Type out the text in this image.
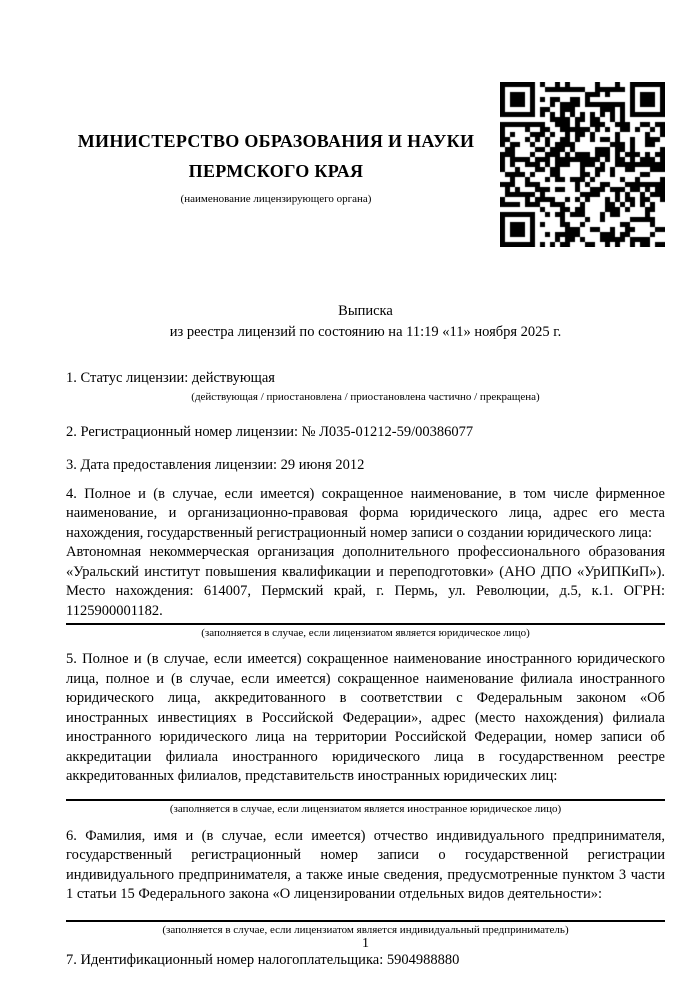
МИНИСТЕРСТВО ОБРАЗОВАНИЯ И НАУКИ
ПЕРМСКОГО КРАЯ
(наименование лицензирующего органа)
Выписка
из реестра лицензий по состоянию на 11:19 «11» ноября 2025 г.
1. Статус лицензии: действующая
(действующая / приостановлена / приостановлена частично / прекращена)
2. Регистрационный номер лицензии: № Л035-01212-59/00386077
3. Дата предоставления лицензии: 29 июня 2012
4. Полное и (в случае, если имеется) сокращенное наименование, в том числе фирменное наименование, и организационно-правовая форма юридического лица, адрес его места нахождения, государственный регистрационный номер записи о создании юридического лица:
Автономная некоммерческая организация дополнительного профессионального образования «Уральский институт повышения квалификации и переподготовки» (АНО ДПО «УрИПКиП»). Место нахождения: 614007, Пермский край, г. Пермь, ул. Революции, д.5, к.1. ОГРН: 1125900001182.
(заполняется в случае, если лицензиатом является юридическое лицо)
5. Полное и (в случае, если имеется) сокращенное наименование иностранного юридического лица, полное и (в случае, если имеется) сокращенное наименование филиала иностранного юридического лица, аккредитованного в соответствии с Федеральным законом «Об иностранных инвестициях в Российской Федерации», адрес (место нахождения) филиала иностранного юридического лица на территории Российской Федерации, номер записи об аккредитации филиала иностранного юридического лица в государственном реестре аккредитованных филиалов, представительств иностранных юридических лиц:
(заполняется в случае, если лицензиатом является иностранное юридическое лицо)
6. Фамилия, имя и (в случае, если имеется) отчество индивидуального предпринимателя, государственный регистрационный номер записи о государственной регистрации индивидуального предпринимателя, а также иные сведения, предусмотренные пунктом 3 части 1 статьи 15 Федерального закона «О лицензировании отдельных видов деятельности»:
(заполняется в случае, если лицензиатом является индивидуальный предприниматель)
7. Идентификационный номер налогоплательщика: 5904988880
1
